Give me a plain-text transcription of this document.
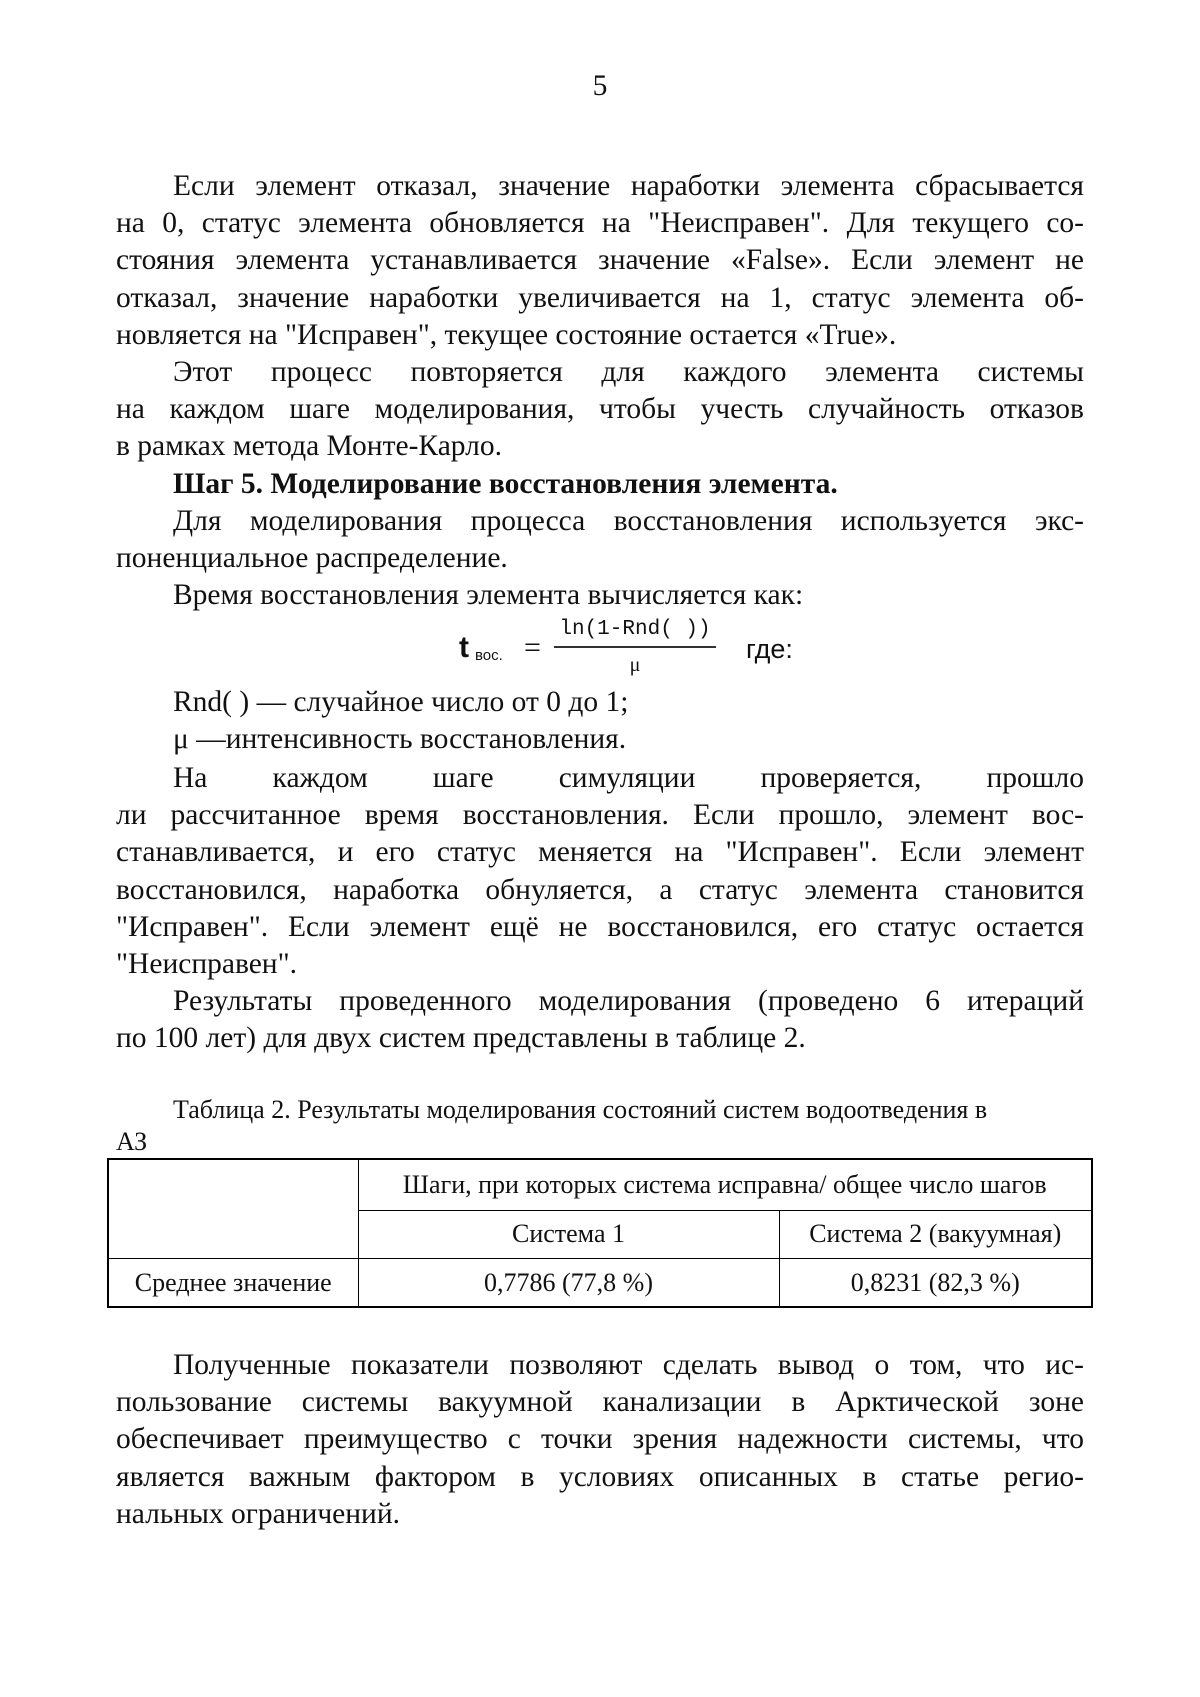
5
Если элемент отказал, значение наработки элемента сбрасывается
на 0, статус элемента обновляется на "Неисправен". Для текущего со-
стояния элемента устанавливается значение «False». Если элемент не
отказал, значение наработки увеличивается на 1, статус элемента об-
новляется на "Исправен", текущее состояние остается «True».
Этот процесс повторяется для каждого элемента системы
на каждом шаге моделирования, чтобы учесть случайность отказов
в рамках метода Монте-Карло.
Шаг 5. Моделирование восстановления элемента.
Для моделирования процесса восстановления используется экс-
поненциальное распределение.
Время восстановления элемента вычисляется как:
t вос. =
ln(1-Rnd( ))
μ
где:
Rnd( ) — случайное число от 0 до 1;
μ —интенсивность восстановления.
На каждом шаге симуляции проверяется, прошло
ли рассчитанное время восстановления. Если прошло, элемент вос-
станавливается, и его статус меняется на "Исправен". Если элемент
восстановился, наработка обнуляется, а статус элемента становится
"Исправен". Если элемент ещё не восстановился, его статус остается
"Неисправен".
Результаты проведенного моделирования (проведено 6 итераций
по 100 лет) для двух систем представлены в таблице 2.
Таблица 2. Результаты моделирования состояний систем водоотведения в
АЗ
	Шаги, при которых система исправна/ общее число шагов	
	Система 1	Система 2 (вакуумная)
Среднее значение	0,7786 (77,8 %)	0,8231 (82,3 %)
Полученные показатели позволяют сделать вывод о том, что ис-
пользование системы вакуумной канализации в Арктической зоне
обеспечивает преимущество с точки зрения надежности системы, что
является важным фактором в условиях описанных в статье регио-
нальных ограничений.
